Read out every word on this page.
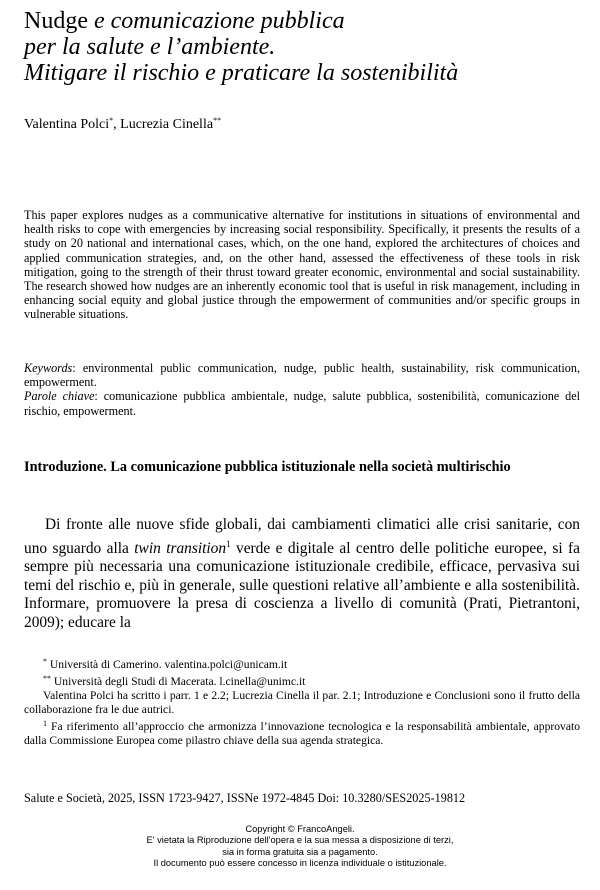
Nudge e comunicazione pubblica
per la salute e l’ambiente.
Mitigare il rischio e praticare la sostenibilità
Valentina Polci*, Lucrezia Cinella**

This paper explores nudges as a communicative alternative for institutions in situations of environmental and health risks to cope with emergencies by increasing social responsibility. Specifically, it presents the results of a study on 20 national and international cases, which, on the one hand, explored the architectures of choices and applied communication strategies, and, on the other hand, assessed the effectiveness of these tools in risk mitigation, going to the strength of their thrust toward greater economic, environmental and social sustainability. The research showed how nudges are an inherently economic tool that is useful in risk management, including in enhancing social equity and global justice through the empowerment of communities and/or specific groups in vulnerable situations.

Keywords: environmental public communication, nudge, public health, sustainability, risk communication, empowerment.
Parole chiave: comunicazione pubblica ambientale, nudge, salute pubblica, sostenibilità, comunicazione del rischio, empowerment.
Introduzione. La comunicazione pubblica istituzionale nella società multirischio

Di fronte alle nuove sfide globali, dai cambiamenti climatici alle crisi sanitarie, con uno sguardo alla twin transition$^1$ verde e digitale al centro delle politiche europee, si fa sempre più necessaria una comunicazione istituzionale credibile, efficace, pervasiva sui temi del rischio e, più in generale, sulle questioni relative all’ambiente e alla sostenibilità. Informare, promuovere la presa di coscienza a livello di comunità (Prati, Pietrantoni, 2009); educare la

* Università di Camerino. valentina.polci@unicam.it

** Università degli Studi di Macerata. l.cinella@unimc.it

Valentina Polci ha scritto i parr. 1 e 2.2; Lucrezia Cinella il par. 2.1; Introduzione e Conclusioni sono il frutto della collaborazione fra le due autrici.

$^1$ Fa riferimento all’approccio che armonizza l’innovazione tecnologica e la responsabilità ambientale, approvato dalla Commissione Europea come pilastro chiave della sua agenda strategica.

Salute e Società, 2025, ISSN 1723-9427, ISSNe 1972-4845 Doi: 10.3280/SES2025-19812
Copyright © FrancoAngeli.
E' vietata la Riproduzione dell'opera e la sua messa a disposizione di terzi,
sia in forma gratuita sia a pagamento.
Il documento può essere concesso in licenza individuale o istituzionale.
